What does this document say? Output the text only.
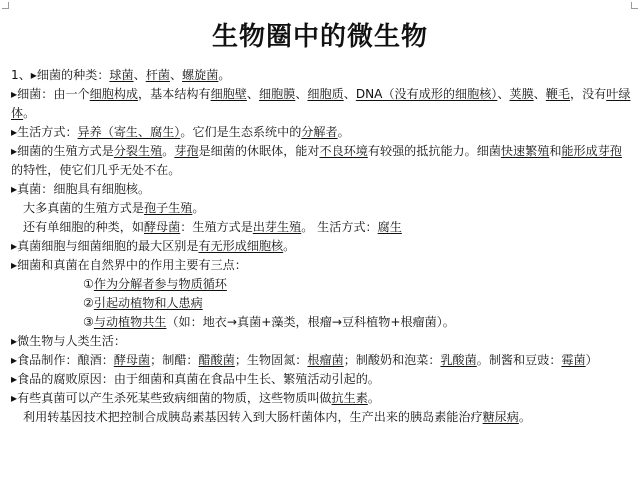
生物圈中的微生物
1、▸细菌的种类：球菌、杆菌、螺旋菌。
▸细菌：由一个细胞构成，基本结构有细胞壁、细胞膜、细胞质、DNA（没有成形的细胞核）、荚膜、鞭毛，没有叶绿体。
▸生活方式：异养（寄生、腐生）。它们是生态系统中的分解者。
▸细菌的生殖方式是分裂生殖。芽孢是细菌的休眠体，能对不良环境有较强的抵抗能力。细菌快速繁殖和能形成芽孢的特性，使它们几乎无处不在。
▸真菌：细胞具有细胞核。
大多真菌的生殖方式是孢子生殖。
还有单细胞的种类，如酵母菌：生殖方式是出芽生殖。 生活方式：腐生
▸真菌细胞与细菌细胞的最大区别是有无形成细胞核。
▸细菌和真菌在自然界中的作用主要有三点：
①作为分解者参与物质循环
②引起动植物和人患病
③与动植物共生（如：地衣→真菌+藻类，根瘤→豆科植物+根瘤菌）。
▸微生物与人类生活：
▸食品制作：酿酒：酵母菌；制醋：醋酸菌；生物固氮：根瘤菌；制酸奶和泡菜：乳酸菌。制酱和豆豉：霉菌）
▸食品的腐败原因：由于细菌和真菌在食品中生长、繁殖活动引起的。
▸有些真菌可以产生杀死某些致病细菌的物质，这些物质叫做抗生素。
利用转基因技术把控制合成胰岛素基因转入到大肠杆菌体内，生产出来的胰岛素能治疗糖尿病。
